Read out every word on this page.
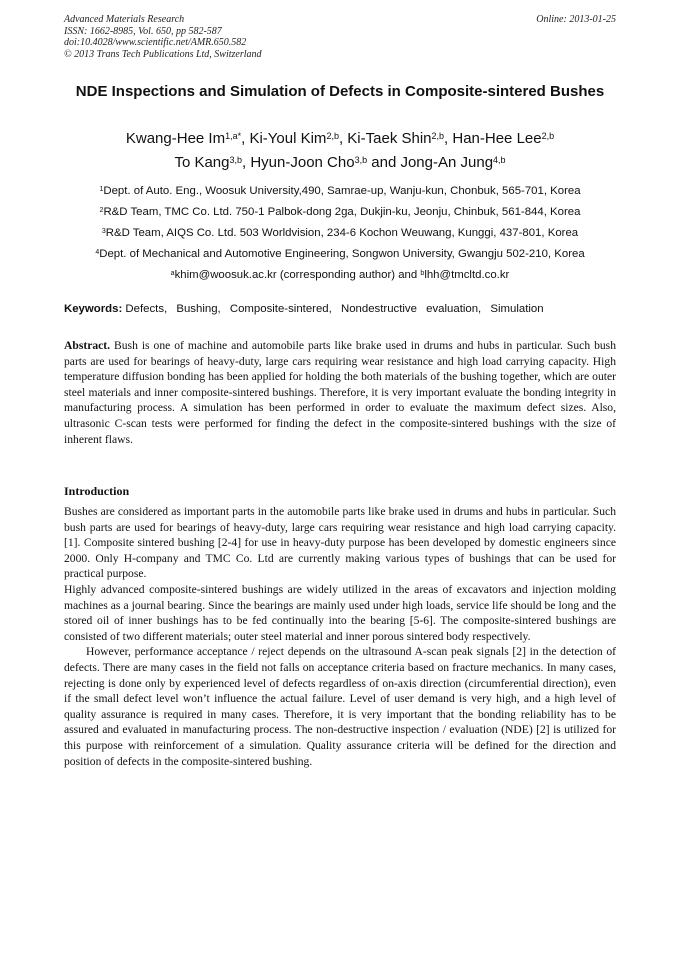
Advanced Materials Research
ISSN: 1662-8985, Vol. 650, pp 582-587
doi:10.4028/www.scientific.net/AMR.650.582
© 2013 Trans Tech Publications Ltd, Switzerland
Online: 2013-01-25
NDE Inspections and Simulation of Defects in Composite-sintered Bushes
Kwang-Hee $Im^{1,a*}$, Ki-Youl Kim$^{2,b}$, Ki-Taek Shin$^{2,b}$, Han-Hee Lee$^{2,b}$
To Kang$^{3,b}$, Hyun-Joon Cho$^{3,b}$ and Jong-An Jung$^{4,b}$
$^1$Dept. of Auto. Eng., Woosuk University,490, Samrae-up, Wanju-kun, Chonbuk, 565-701, Korea
$^2$R&D Team, TMC Co. Ltd. 750-1 Palbok-dong 2ga, Dukjin-ku, Jeonju, Chinbuk, 561-844, Korea
$^3$R&D Team, AIQS Co. Ltd. 503 Worldvision, 234-6 Kochon Weuwang, Kunggi, 437-801, Korea
$^4$Dept. of Mechanical and Automotive Engineering, Songwon University, Gwangju 502-210, Korea
$^a$khim@woosuk.ac.kr (corresponding author) and $^b$lhh@tmcltd.co.kr
Keywords: Defects, Bushing, Composite-sintered, Nondestructive evaluation, Simulation
Abstract. Bush is one of machine and automobile parts like brake used in drums and hubs in particular. Such bush parts are used for bearings of heavy-duty, large cars requiring wear resistance and high load carrying capacity. High temperature diffusion bonding has been applied for holding the both materials of the bushing together, which are outer steel materials and inner composite-sintered bushings. Therefore, it is very important evaluate the bonding integrity in manufacturing process. A simulation has been performed in order to evaluate the maximum defect sizes. Also, ultrasonic C-scan tests were performed for finding the defect in the composite-sintered bushings with the size of inherent flaws.
Introduction

Bushes are considered as important parts in the automobile parts like brake used in drums and hubs in particular. Such bush parts are used for bearings of heavy-duty, large cars requiring wear resistance and high load carrying capacity. [1]. Composite sintered bushing [2-4] for use in heavy-duty purpose has been developed by domestic engineers since 2000. Only H-company and TMC Co. Ltd are currently making various types of bushings that can be used for practical purpose.

Highly advanced composite-sintered bushings are widely utilized in the areas of excavators and injection molding machines as a journal bearing. Since the bearings are mainly used under high loads, service life should be long and the stored oil of inner bushings has to be fed continually into the bearing [5-6]. The composite-sintered bushings are consisted of two different materials; outer steel material and inner porous sintered body respectively.

However, performance acceptance / reject depends on the ultrasound A-scan peak signals [2] in the detection of defects. There are many cases in the field not falls on acceptance criteria based on fracture mechanics. In many cases, rejecting is done only by experienced level of defects regardless of on-axis direction (circumferential direction), even if the small defect level won’t influence the actual failure. Level of user demand is very high, and a high level of quality assurance is required in many cases. Therefore, it is very important that the bonding reliability has to be assured and evaluated in manufacturing process. The non-destructive inspection / evaluation (NDE) [2] is utilized for this purpose with reinforcement of a simulation. Quality assurance criteria will be defined for the direction and position of defects in the composite-sintered bushing.
